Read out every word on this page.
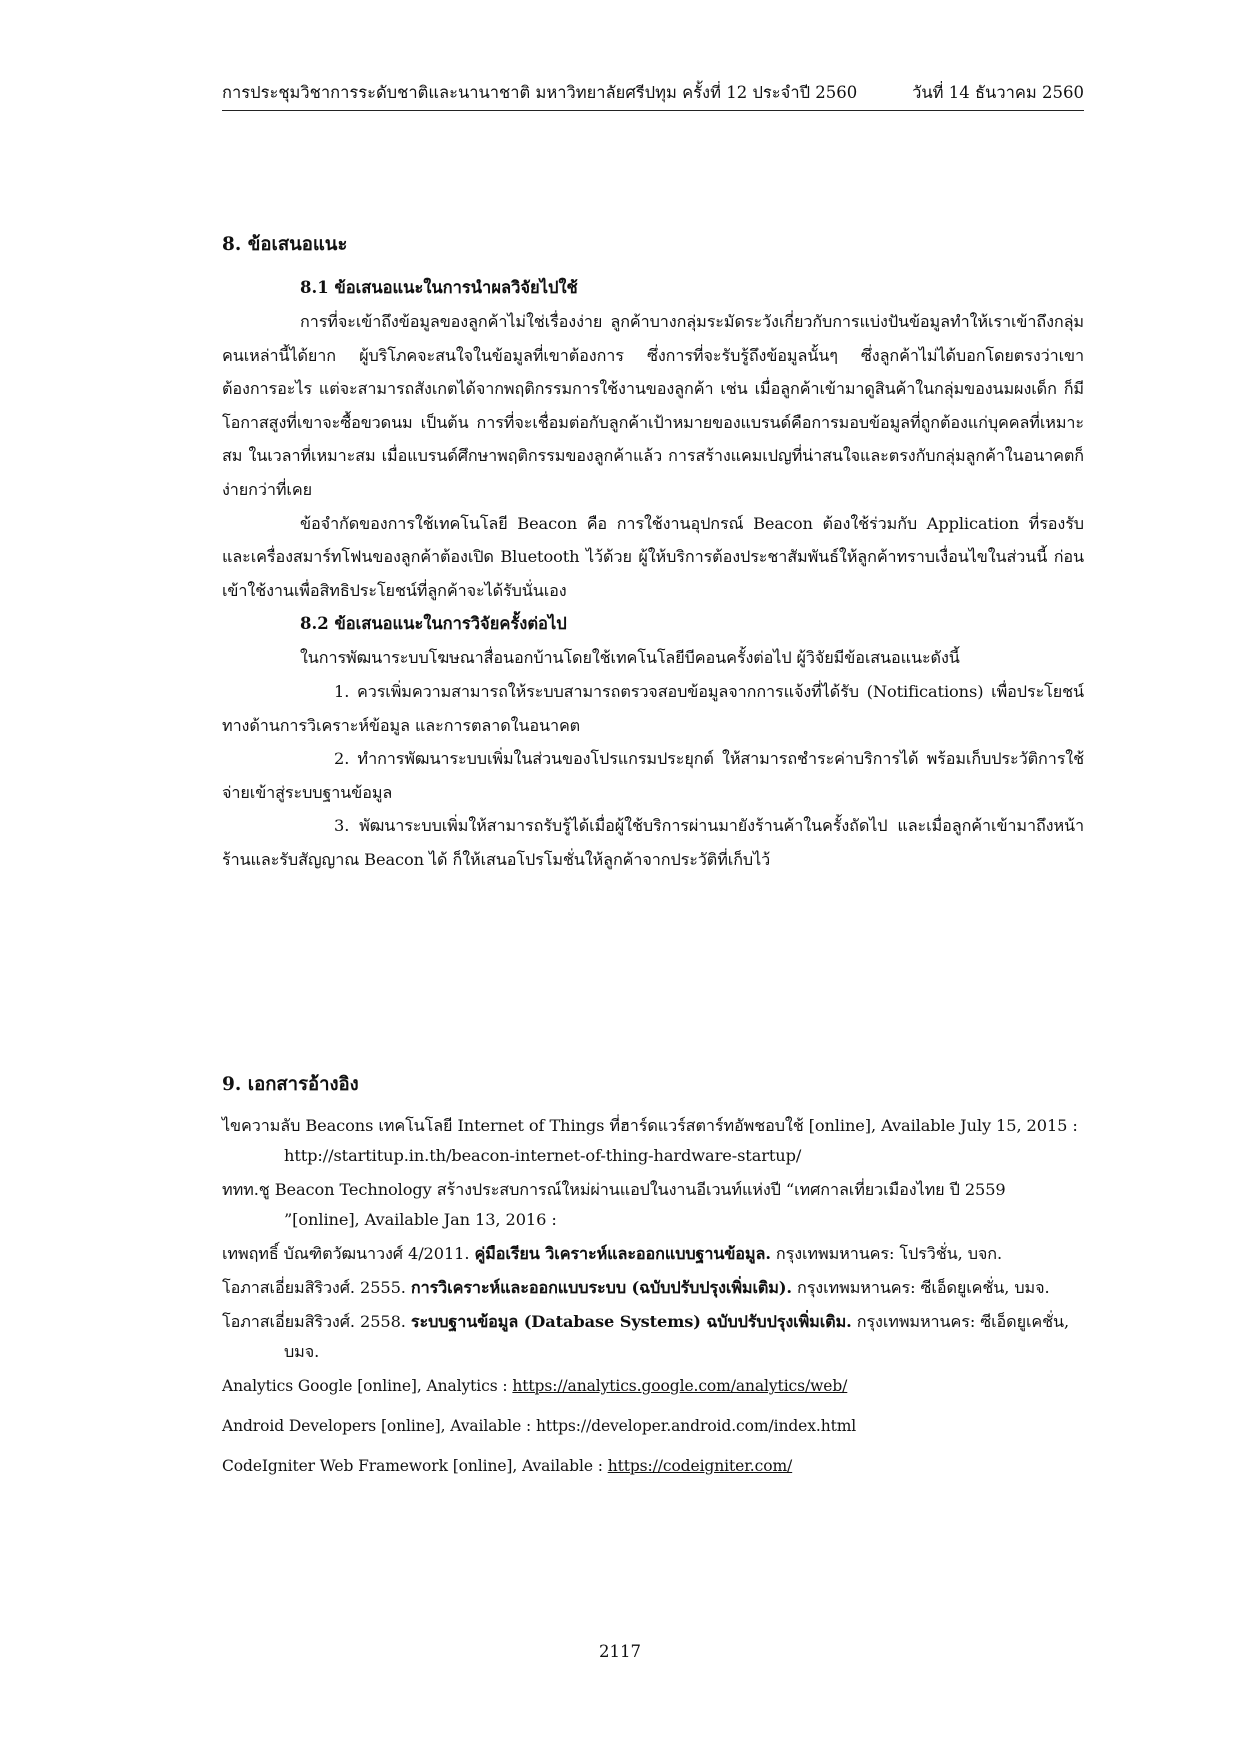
การประชุมวิชาการระดับชาติและนานาชาติ มหาวิทยาลัยศรีปทุม ครั้งที่ 12 ประจำปี 2560	วันที่ 14 ธันวาคม 2560

8. ข้อเสนอแนะ

8.1 ข้อเสนอแนะในการนำผลวิจัยไปใช้

การที่จะเข้าถึงข้อมูลของลูกค้าไม่ใช่เรื่องง่าย ลูกค้าบางกลุ่มระมัดระวังเกี่ยวกับการแบ่งปันข้อมูลทำให้เราเข้าถึงกลุ่มคนเหล่านี้ได้ยาก ผู้บริโภคจะสนใจในข้อมูลที่เขาต้องการ ซึ่งการที่จะรับรู้ถึงข้อมูลนั้นๆ ซึ่งลูกค้าไม่ได้บอกโดยตรงว่าเขาต้องการอะไร แต่จะสามารถสังเกตได้จากพฤติกรรมการใช้งานของลูกค้า เช่น เมื่อลูกค้าเข้ามาดูสินค้าในกลุ่มของนมผงเด็ก ก็มีโอกาสสูงที่เขาจะซื้อขวดนม เป็นต้น การที่จะเชื่อมต่อกับลูกค้าเป้าหมายของแบรนด์คือการมอบข้อมูลที่ถูกต้องแก่บุคคลที่เหมาะสม ในเวลาที่เหมาะสม เมื่อแบรนด์ศึกษาพฤติกรรมของลูกค้าแล้ว การสร้างแคมเปญที่น่าสนใจและตรงกับกลุ่มลูกค้าในอนาคตก็ง่ายกว่าที่เคย

ข้อจำกัดของการใช้เทคโนโลยี Beacon คือ การใช้งานอุปกรณ์ Beacon ต้องใช้ร่วมกับ Application ที่รองรับ และเครื่องสมาร์ทโฟนของลูกค้าต้องเปิด Bluetooth ไว้ด้วย ผู้ให้บริการต้องประชาสัมพันธ์ให้ลูกค้าทราบเงื่อนไขในส่วนนี้ ก่อนเข้าใช้งานเพื่อสิทธิประโยชน์ที่ลูกค้าจะได้รับนั่นเอง

8.2 ข้อเสนอแนะในการวิจัยครั้งต่อไป

ในการพัฒนาระบบโฆษณาสื่อนอกบ้านโดยใช้เทคโนโลยีบีคอนครั้งต่อไป ผู้วิจัยมีข้อเสนอแนะดังนี้

1. ควรเพิ่มความสามารถให้ระบบสามารถตรวจสอบข้อมูลจากการแจ้งที่ได้รับ (Notifications) เพื่อประโยชน์ทางด้านการวิเคราะห์ข้อมูล และการตลาดในอนาคต

2. ทำการพัฒนาระบบเพิ่มในส่วนของโปรแกรมประยุกต์ ให้สามารถชำระค่าบริการได้ พร้อมเก็บประวัติการใช้จ่ายเข้าสู่ระบบฐานข้อมูล

3. พัฒนาระบบเพิ่มให้สามารถรับรู้ได้เมื่อผู้ใช้บริการผ่านมายังร้านค้าในครั้งถัดไป และเมื่อลูกค้าเข้ามาถึงหน้าร้านและรับสัญญาณ Beacon ได้ ก็ให้เสนอโปรโมชั่นให้ลูกค้าจากประวัติที่เก็บไว้

9. เอกสารอ้างอิง

ไขความลับ Beacons เทคโนโลยี Internet of Things ที่ฮาร์ดแวร์สตาร์ทอัพชอบใช้ [online], Available July 15, 2015 : http://startitup.in.th/beacon-internet-of-thing-hardware-startup/

ททท.ชู Beacon Technology สร้างประสบการณ์ใหม่ผ่านแอปในงานอีเวนท์แห่งปี “เทศกาลเที่ยวเมืองไทย ปี 2559 ”[online], Available Jan 13, 2016 :

เทพฤทธิ์ บัณฑิตวัฒนาวงศ์ 4/2011. คู่มือเรียน วิเคราะห์และออกแบบฐานข้อมูล. กรุงเทพมหานคร: โปรวิชั่น, บจก.

โอภาสเอี่ยมสิริวงศ์. 2555. การวิเคราะห์และออกแบบระบบ (ฉบับปรับปรุงเพิ่มเติม). กรุงเทพมหานคร: ซีเอ็ดยูเคชั่น, บมจ.

โอภาสเอี่ยมสิริวงศ์. 2558. ระบบฐานข้อมูล (Database Systems) ฉบับปรับปรุงเพิ่มเติม. กรุงเทพมหานคร: ซีเอ็ดยูเคชั่น, บมจ.

Analytics Google [online], Analytics : https://analytics.google.com/analytics/web/

Android Developers [online], Available : https://developer.android.com/index.html

CodeIgniter Web Framework [online], Available : https://codeigniter.com/

2117
